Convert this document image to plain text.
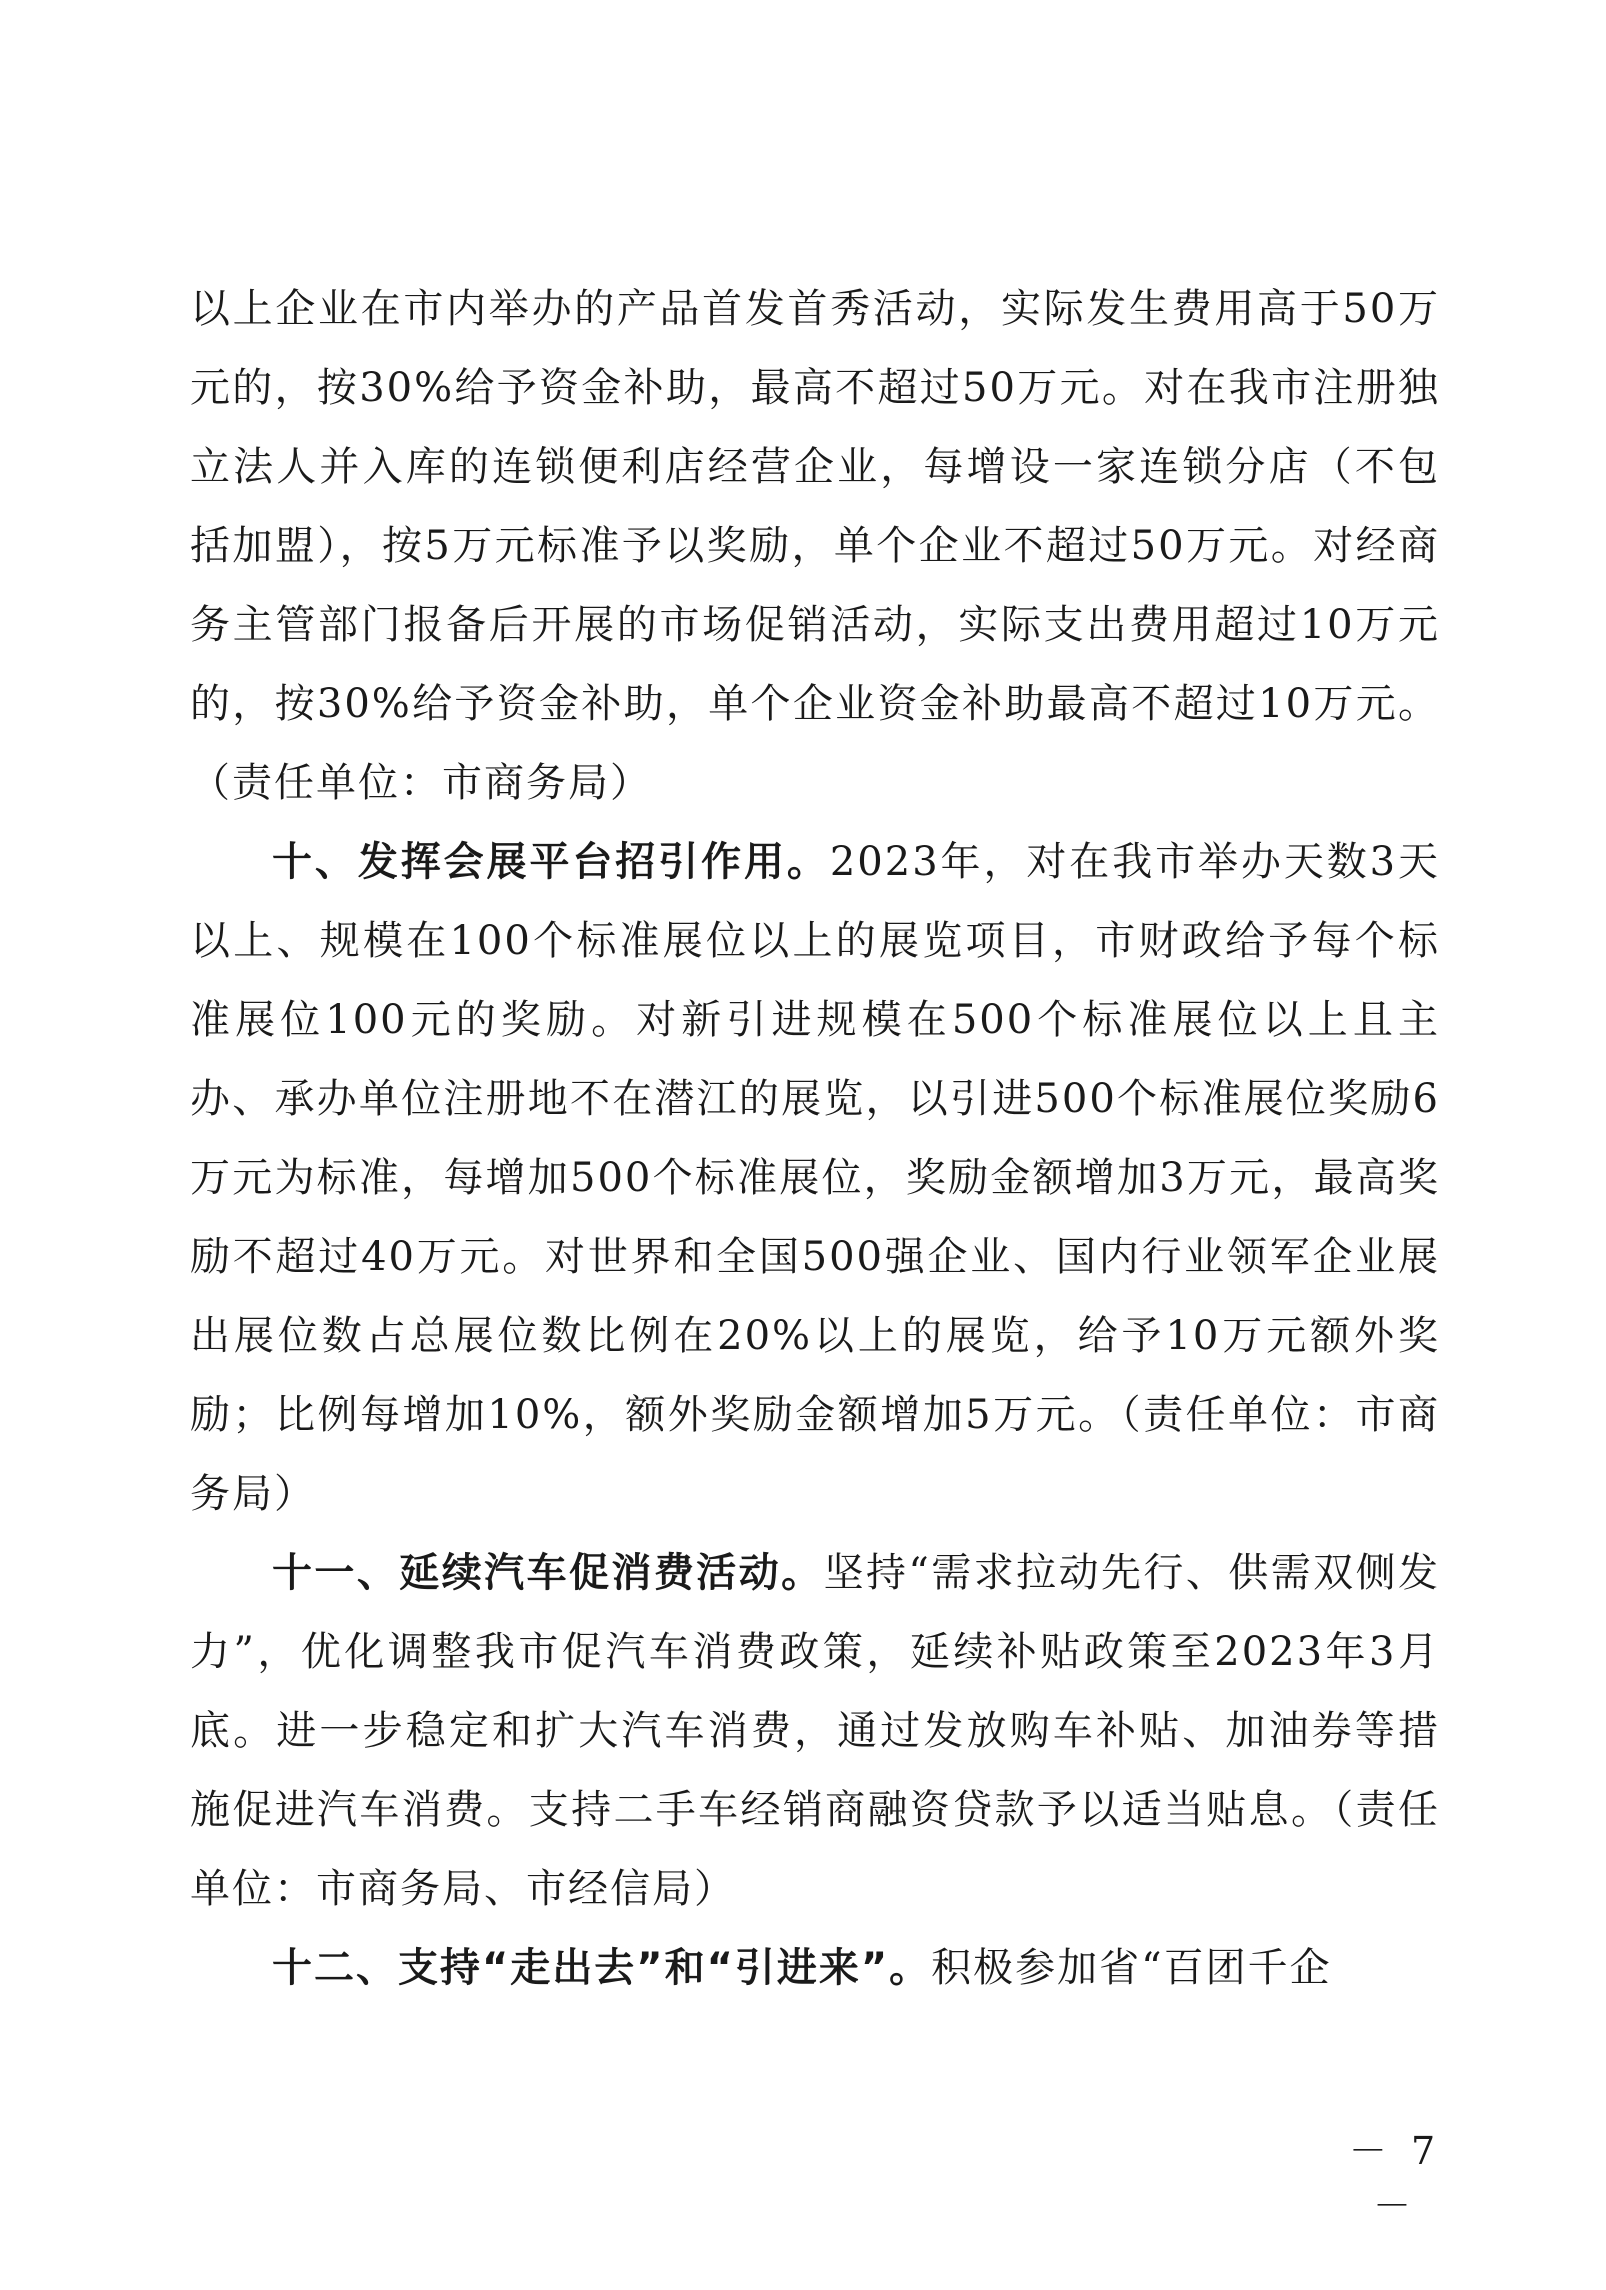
以上企业在市内举办的产品首发首秀活动，实际发生费用高于50万元的，按30%给予资金补助，最高不超过50万元。对在我市注册独立法人并入库的连锁便利店经营企业，每增设一家连锁分店（不包括加盟），按5万元标准予以奖励，单个企业不超过50万元。对经商务主管部门报备后开展的市场促销活动，实际支出费用超过10万元的，按30%给予资金补助，单个企业资金补助最高不超过10万元。（责任单位：市商务局）

十、发挥会展平台招引作用。2023年，对在我市举办天数3天以上、规模在100个标准展位以上的展览项目，市财政给予每个标准展位100元的奖励。对新引进规模在500个标准展位以上且主办、承办单位注册地不在潜江的展览，以引进500个标准展位奖励6万元为标准，每增加500个标准展位，奖励金额增加3万元，最高奖励不超过40万元。对世界和全国500强企业、国内行业领军企业展出展位数占总展位数比例在20%以上的展览，给予10万元额外奖励；比例每增加10%，额外奖励金额增加5万元。（责任单位：市商务局）

十一、延续汽车促消费活动。坚持“需求拉动先行、供需双侧发力”，优化调整我市促汽车消费政策，延续补贴政策至2023年3月底。进一步稳定和扩大汽车消费，通过发放购车补贴、加油券等措施促进汽车消费。支持二手车经销商融资贷款予以适当贴息。（责任单位：市商务局、市经信局）

十二、支持“走出去”和“引进来”。积极参加省“百团千企

－ 7 －
